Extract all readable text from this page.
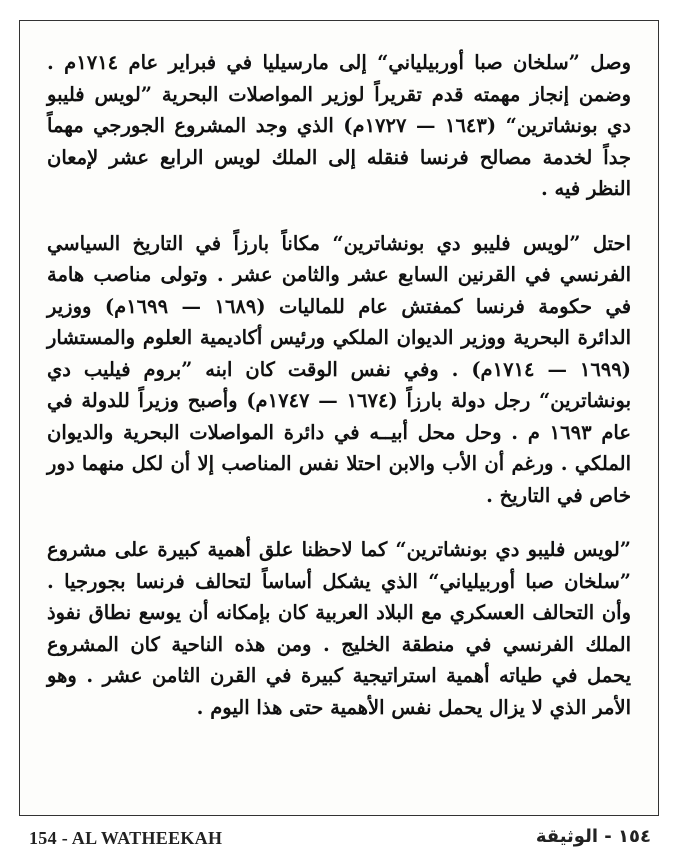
وصل ”سلخان صبا أوربيلياني“ إلى مارسيليا في فبراير عام ١٧١٤م . وضمن إنجاز مهمته قدم تقريراً لوزير المواصلات البحرية ”لويس فليبو دي بونشاترين“ (١٦٤٣ — ١٧٢٧م) الذي وجد المشروع الجورجي مهماً جداً لخدمة مصالح فرنسا فنقله إلى الملك لويس الرابع عشر لإمعان النظر فيه .

احتل ”لويس فليبو دي بونشاترين“ مكاناً بارزاً في التاريخ السياسي الفرنسي في القرنين السابع عشر والثامن عشر . وتولى مناصب هامة في حكومة فرنسا كمفتش عام للماليات (١٦٨٩ — ١٦٩٩م) ووزير الدائرة البحرية ووزير الديوان الملكي ورئيس أكاديمية العلوم والمستشار (١٦٩٩ — ١٧١٤م) . وفي نفس الوقت كان ابنه ”بروم فيليب دي بونشاترين“ رجل دولة بارزاً (١٦٧٤ — ١٧٤٧م) وأصبح وزيراً للدولة في عام ١٦٩٣ م . وحل محل أبيــه في دائرة المواصلات البحرية والديوان الملكي . ورغم أن الأب والابن احتلا نفس المناصب إلا أن لكل منهما دور خاص في التاريخ .

”لويس فليبو دي بونشاترين“ كما لاحظنا علق أهمية كبيرة على مشروع ”سلخان صبا أوربيلياني“ الذي يشكل أساساً لتحالف فرنسا بجورجيا . وأن التحالف العسكري مع البلاد العربية كان بإمكانه أن يوسع نطاق نفوذ الملك الفرنسي في منطقة الخليج . ومن هذه الناحية كان المشروع يحمل في طياته أهمية استراتيجية كبيرة في القرن الثامن عشر . وهو الأمر الذي لا يزال يحمل نفس الأهمية حتى هذا اليوم .

154 - AL WATHEEKAH	١٥٤ - الوثيقة
